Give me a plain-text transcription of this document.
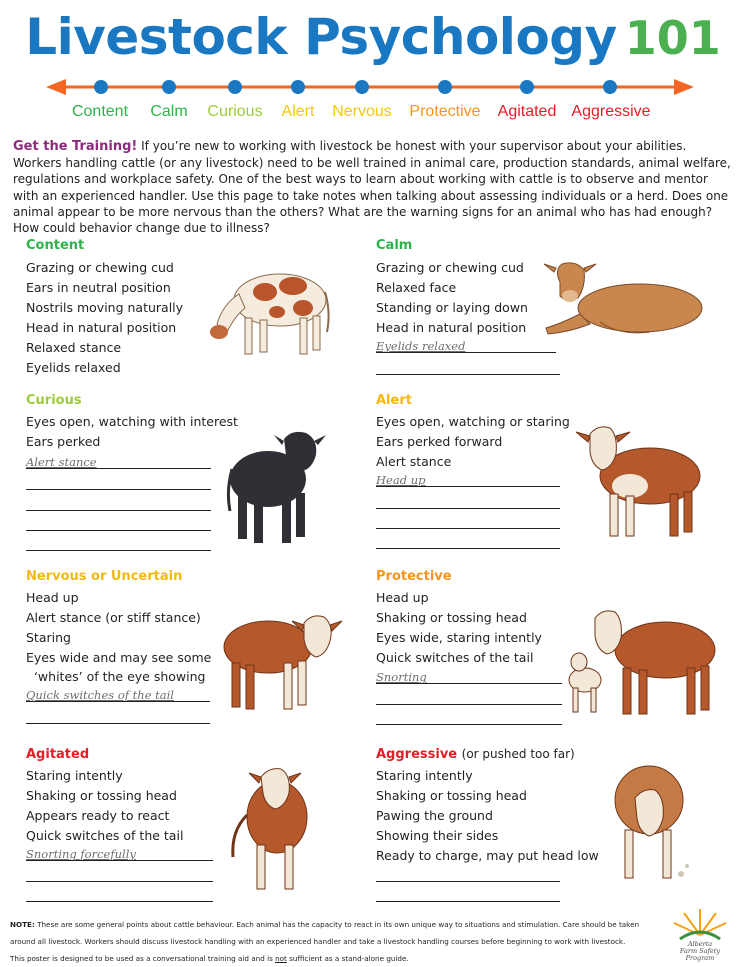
Livestock Psychology 101
Content Calm Curious Alert Nervous Protective Agitated Aggressive
Get the Training! If you’re new to working with livestock be honest with your supervisor about your abilities. Workers handling cattle (or any livestock) need to be well trained in animal care, production standards, animal welfare, regulations and workplace safety. One of the best ways to learn about working with cattle is to observe and mentor with an experienced handler. Use this page to take notes when talking about assessing individuals or a herd. Does one animal appear to be more nervous than the others? What are the warning signs for an animal who has had enough? How could behavior change due to illness?
Content
Grazing or chewing cud
Ears in neutral position
Nostrils moving naturally
Head in natural position
Relaxed stance
Eyelids relaxed
Calm
Grazing or chewing cud
Relaxed face
Standing or laying down
Head in natural position
Eyelids relaxed
Curious
Eyes open, watching with interest
Ears perked
Alert stance
Alert
Eyes open, watching or staring
Ears perked forward
Alert stance
Head up
Nervous or Uncertain
Head up
Alert stance (or stiff stance)
Staring
Eyes wide and may see some
‘whites’ of the eye showing
Quick switches of the tail
Protective
Head up
Shaking or tossing head
Eyes wide, staring intently
Quick switches of the tail
Snorting
Agitated
Staring intently
Shaking or tossing head
Appears ready to react
Quick switches of the tail
Snorting forcefully
Aggressive (or pushed too far)
Staring intently
Shaking or tossing head
Pawing the ground
Showing their sides
Ready to charge, may put head low
NOTE: These are some general points about cattle behaviour. Each animal has the capacity to react in its own unique way to situations and stimulation. Care should be taken
around all livestock. Workers should discuss livestock handling with an experienced handler and take a livestock handling courses before beginning to work with livestock.
This poster is designed to be used as a conversational training aid and is not sufficient as a stand-alone guide.
Alberta
Farm Safety
Program
